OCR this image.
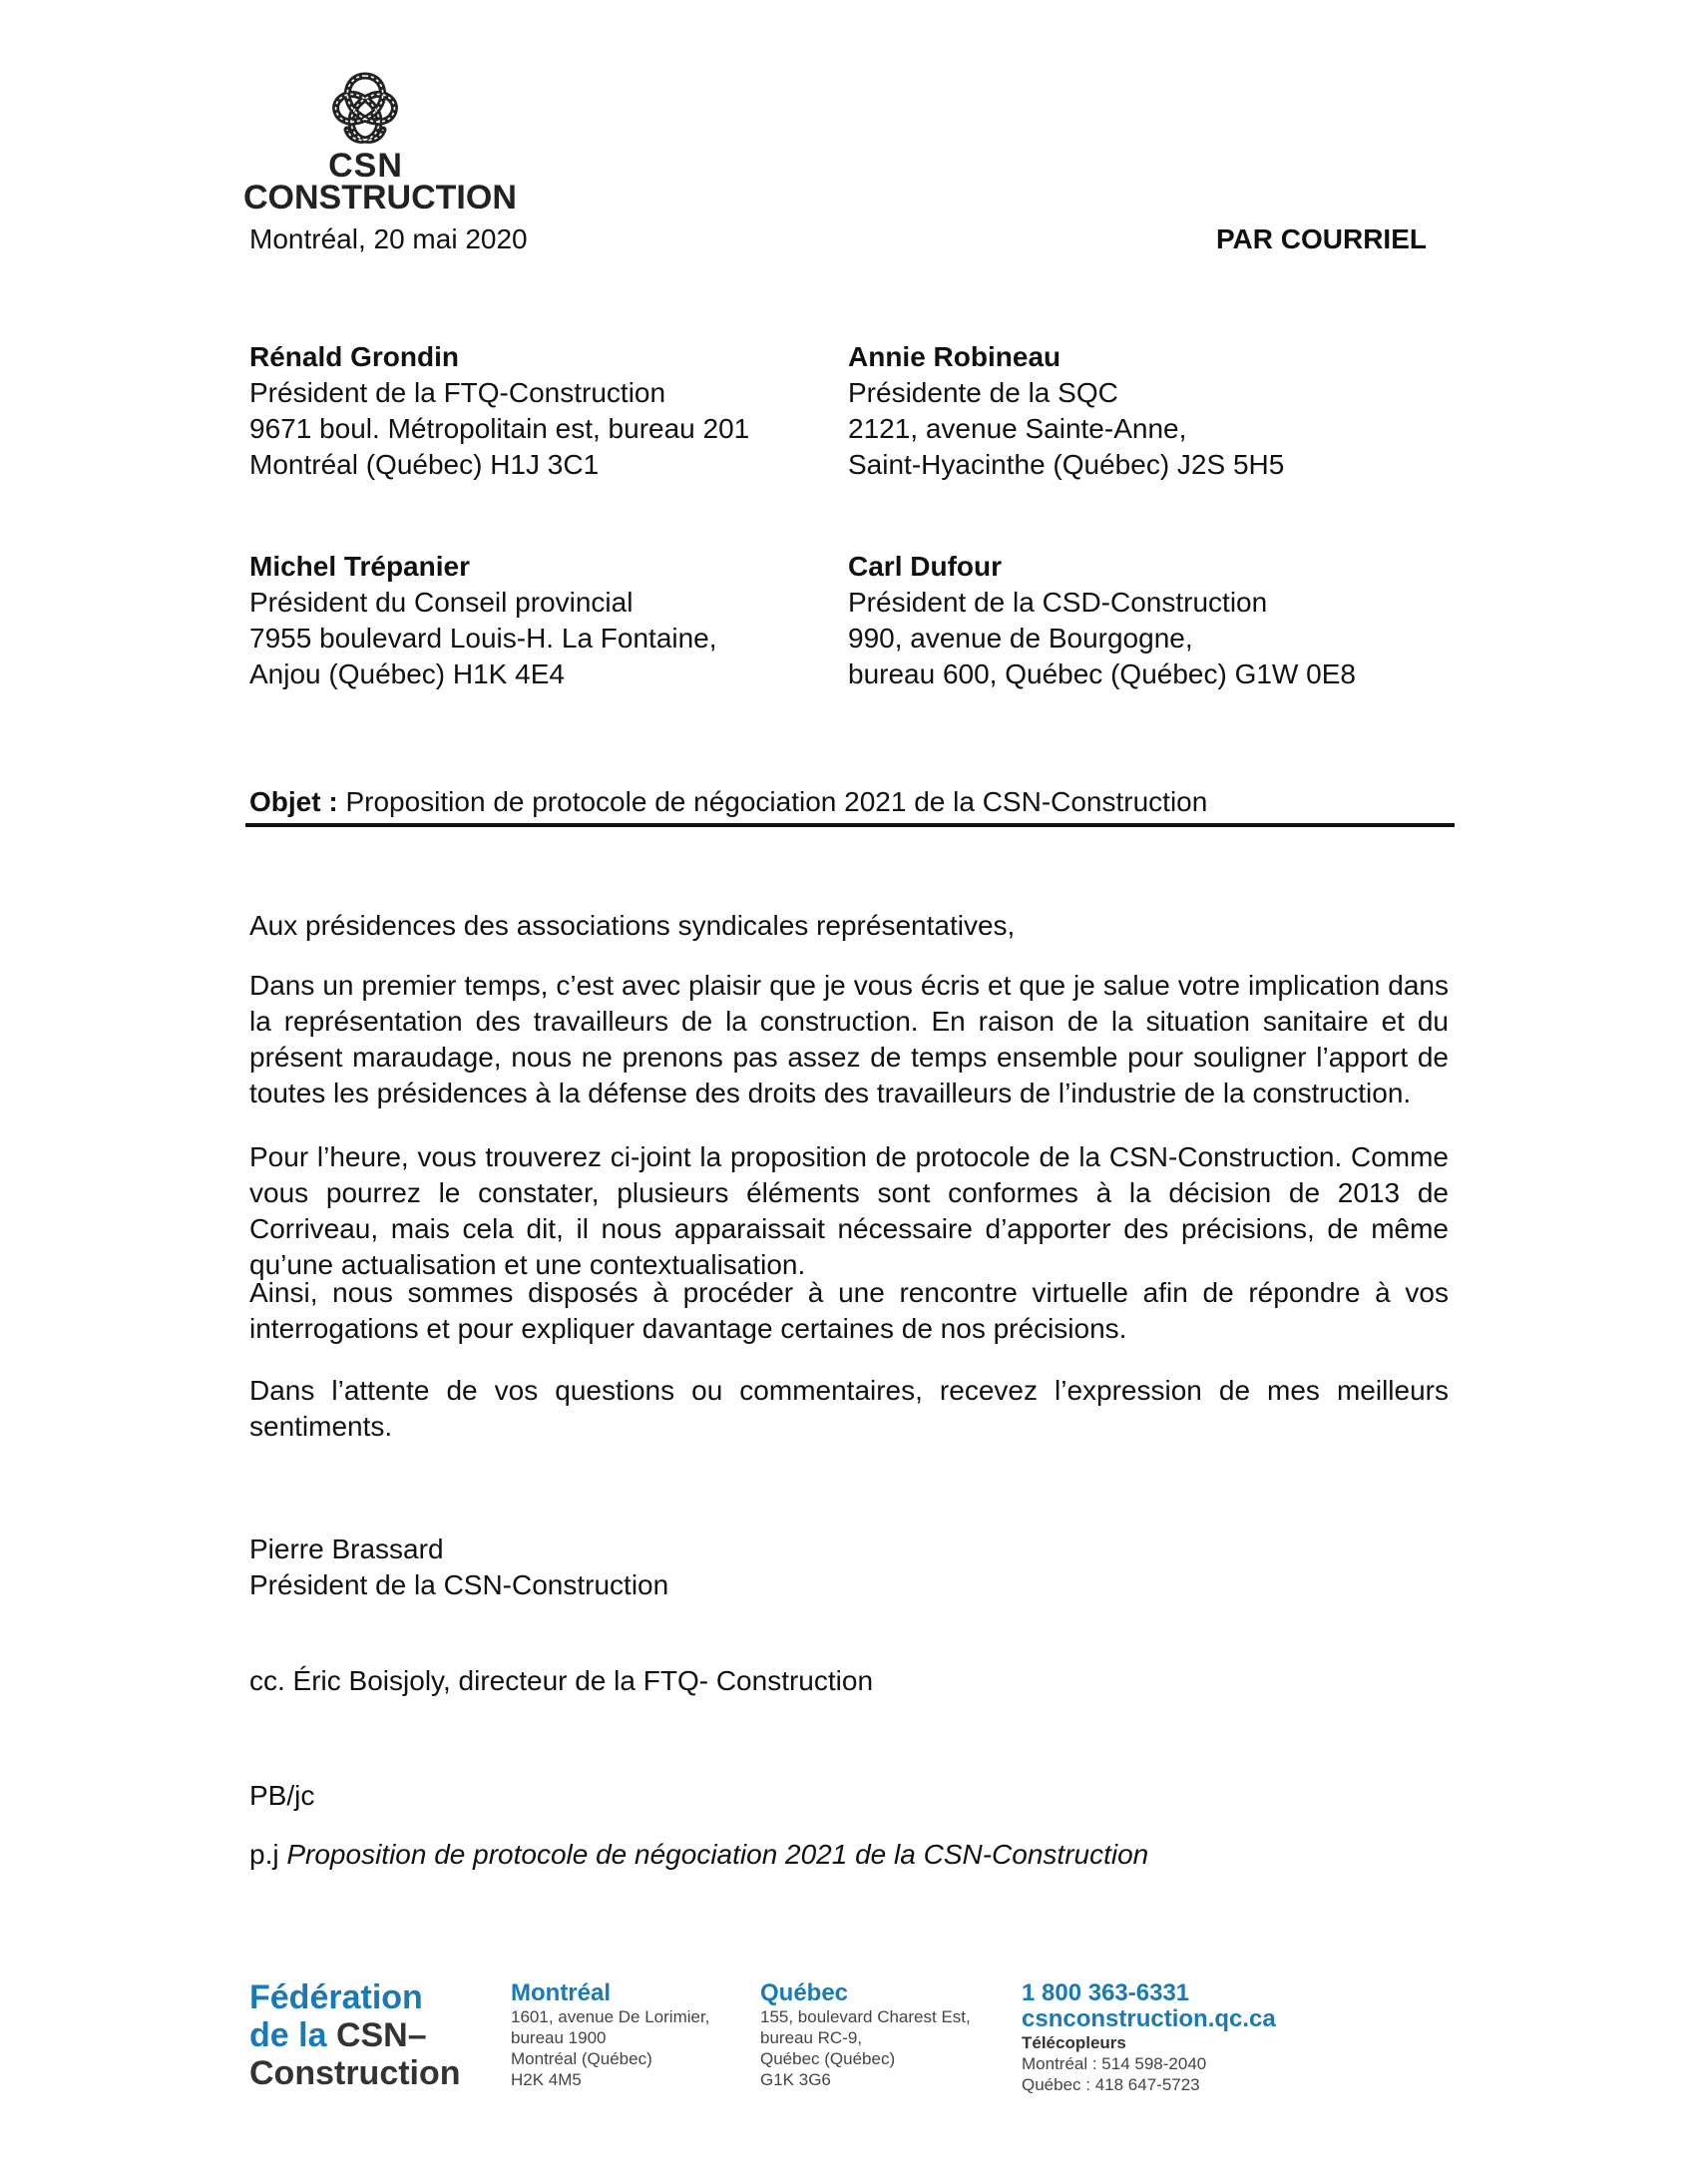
CSN
CONSTRUCTION
Montréal, 20 mai 2020	PAR COURRIEL
Rénald Grondin
Président de la FTQ-Construction
9671 boul. Métropolitain est, bureau 201
Montréal (Québec) H1J 3C1
Annie Robineau
Présidente de la SQC
2121, avenue Sainte-Anne,
Saint-Hyacinthe (Québec) J2S 5H5
Michel Trépanier
Président du Conseil provincial
7955 boulevard Louis-H. La Fontaine,
Anjou (Québec) H1K 4E4
Carl Dufour
Président de la CSD-Construction
990, avenue de Bourgogne,
bureau 600, Québec (Québec) G1W 0E8
Objet : Proposition de protocole de négociation 2021 de la CSN-Construction

Aux présidences des associations syndicales représentatives,

Dans un premier temps, c’est avec plaisir que je vous écris et que je salue votre implication dans la représentation des travailleurs de la construction. En raison de la situation sanitaire et du présent maraudage, nous ne prenons pas assez de temps ensemble pour souligner l’apport de toutes les présidences à la défense des droits des travailleurs de l’industrie de la construction.

Pour l’heure, vous trouverez ci-joint la proposition de protocole de la CSN-Construction. Comme vous pourrez le constater, plusieurs éléments sont conformes à la décision de 2013 de Corriveau, mais cela dit, il nous apparaissait nécessaire d’apporter des précisions, de même qu’une actualisation et une contextualisation.

Ainsi, nous sommes disposés à procéder à une rencontre virtuelle afin de répondre à vos interrogations et pour expliquer davantage certaines de nos précisions.

Dans l’attente de vos questions ou commentaires, recevez l’expression de mes meilleurs sentiments.

Pierre Brassard
Président de la CSN-Construction
cc. Éric Boisjoly, directeur de la FTQ- Construction
PB/jc
p.j Proposition de protocole de négociation 2021 de la CSN-Construction
Fédération
de la CSN–
Construction
Montréal
1601, avenue De Lorimier,
bureau 1900
Montréal (Québec)
H2K 4M5
Québec
155, boulevard Charest Est,
bureau RC-9,
Québec (Québec)
G1K 3G6
1 800 363-6331
csnconstruction.qc.ca
Télécopleurs
Montréal : 514 598-2040
Québec : 418 647-5723
